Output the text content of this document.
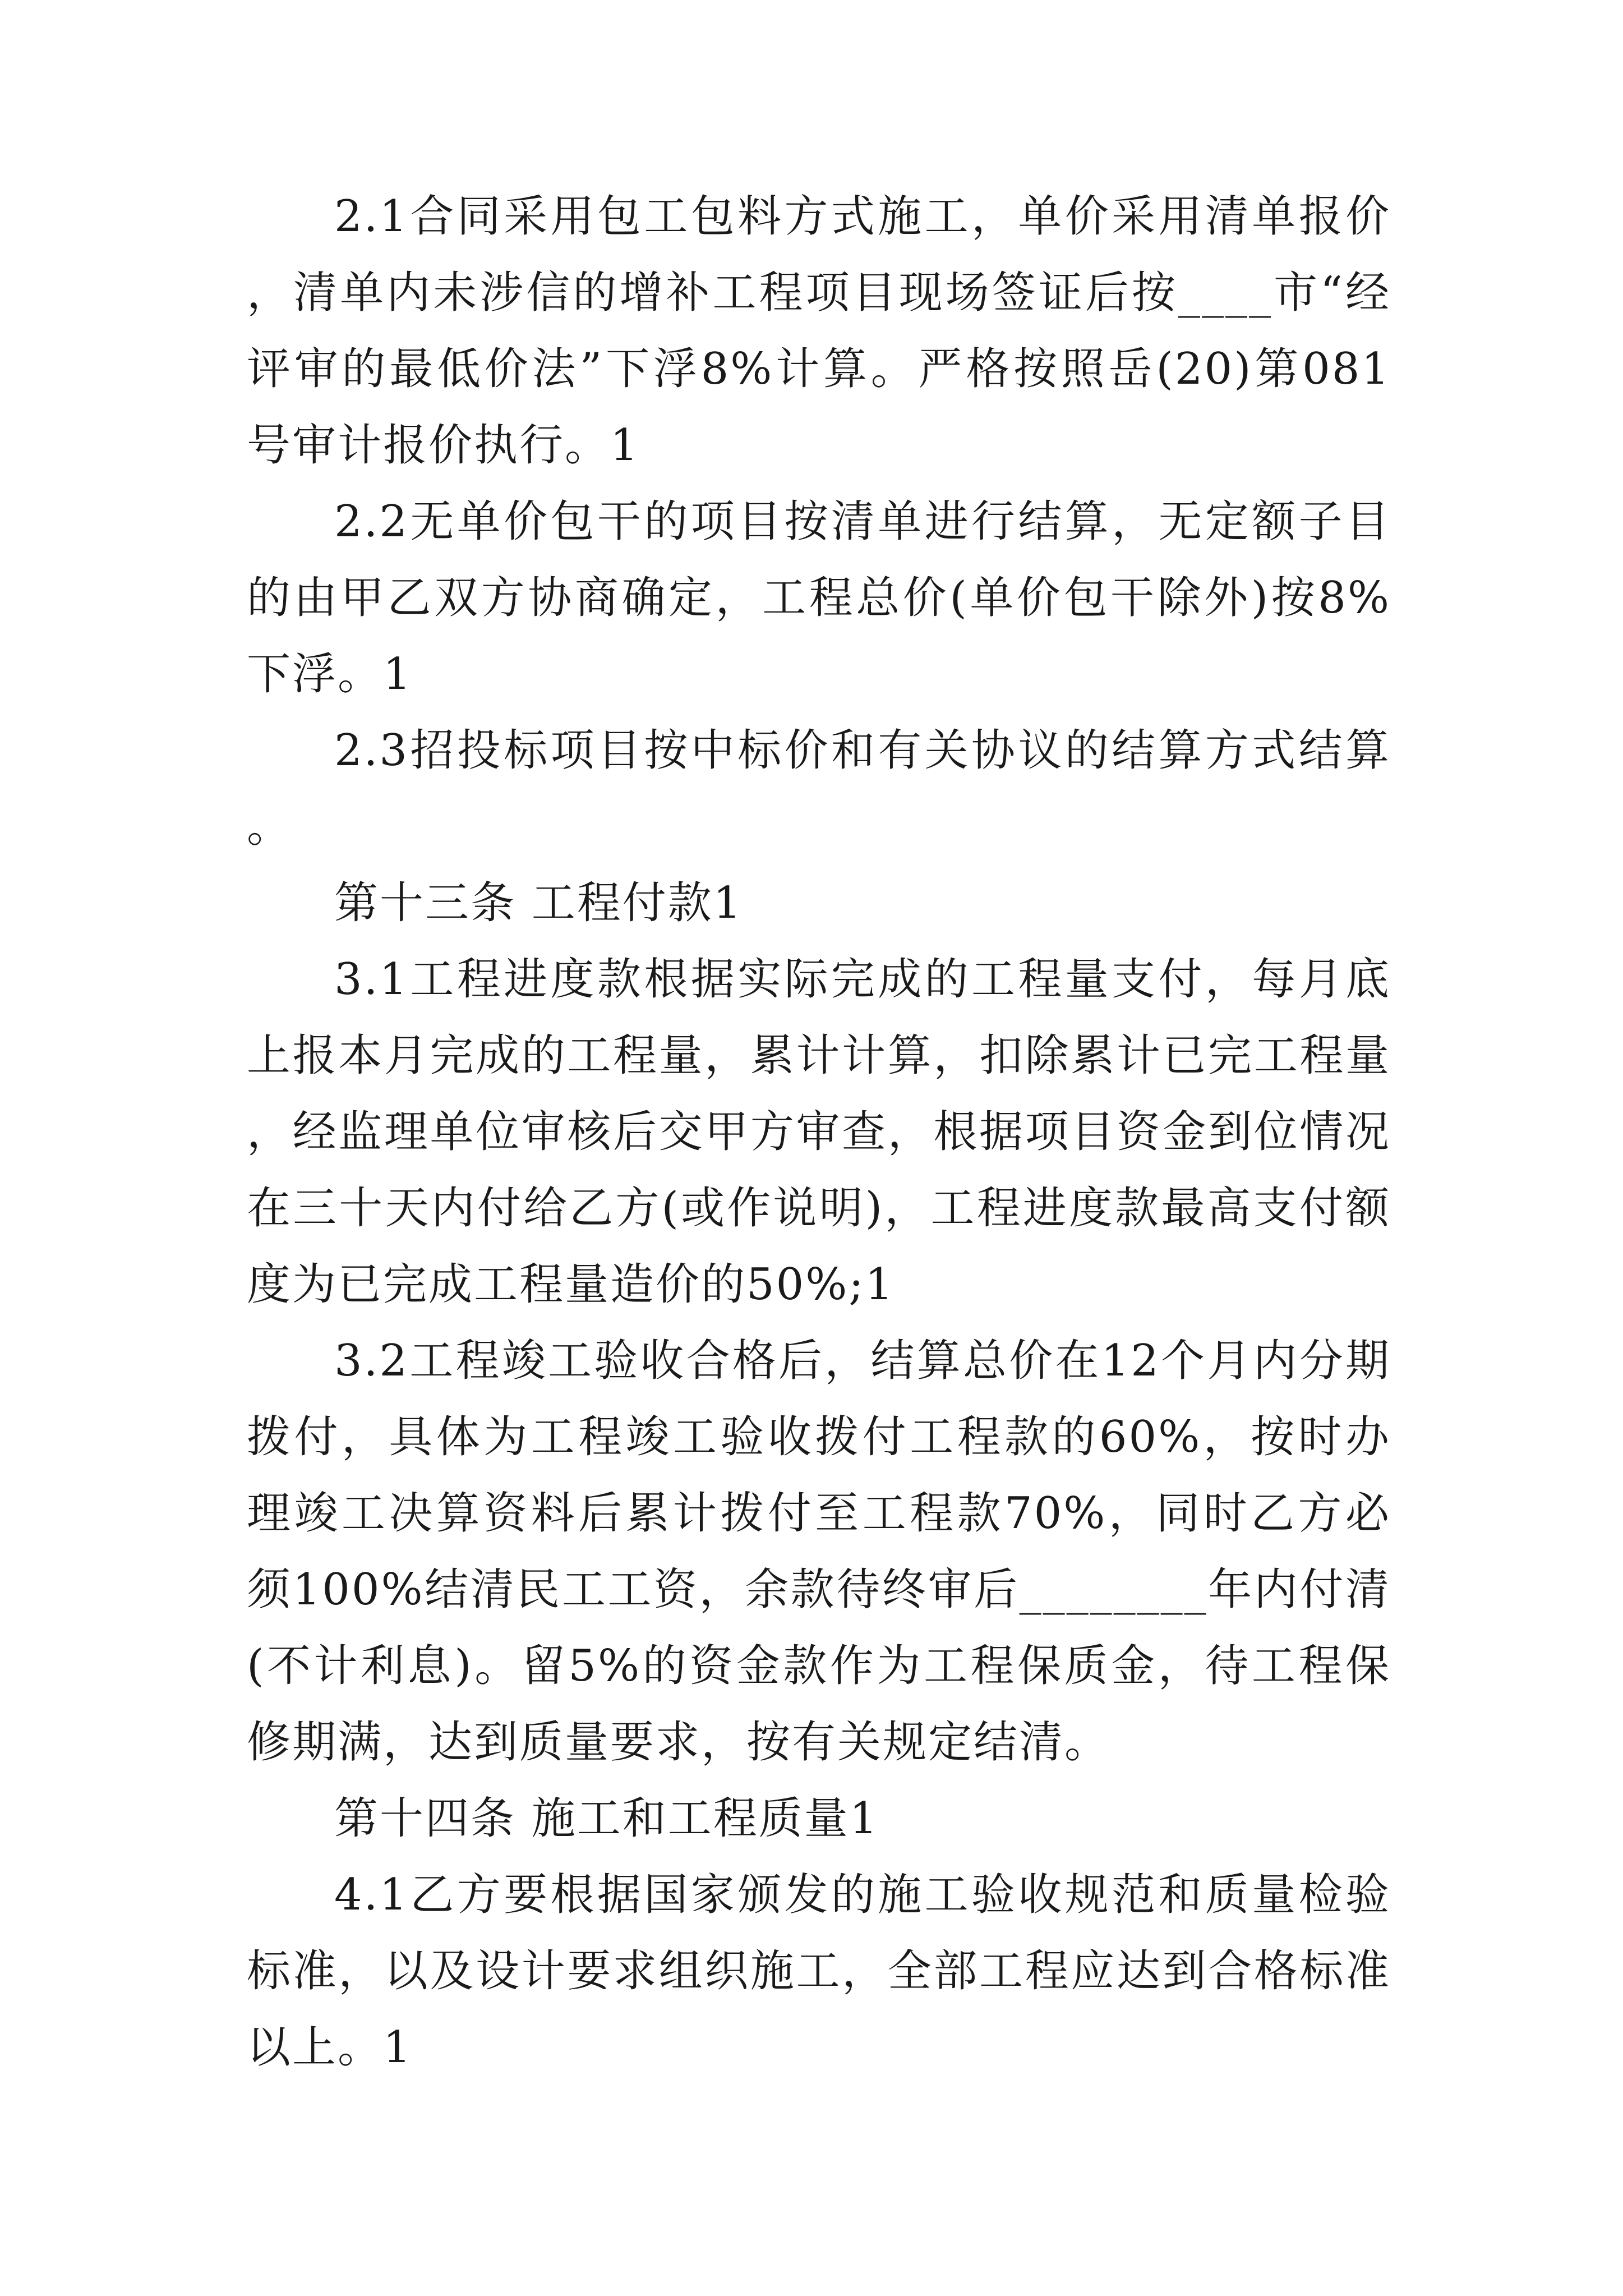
2.1合同采用包工包料方式施工，单价采用清单报价，清单内未涉信的增补工程项目现场签证后按____市“经评审的最低价法”下浮8%计算。严格按照岳(20)第081号审计报价执行。1

2.2无单价包干的项目按清单进行结算，无定额子目的由甲乙双方协商确定，工程总价(单价包干除外)按8%下浮。1

2.3招投标项目按中标价和有关协议的结算方式结算。

第十三条 工程付款1

3.1工程进度款根据实际完成的工程量支付，每月底上报本月完成的工程量，累计计算，扣除累计已完工程量，经监理单位审核后交甲方审查，根据项目资金到位情况在三十天内付给乙方(或作说明)，工程进度款最高支付额度为已完成工程量造价的50%;1

3.2工程竣工验收合格后，结算总价在12个月内分期拨付，具体为工程竣工验收拨付工程款的60%，按时办理竣工决算资料后累计拨付至工程款70%，同时乙方必须100%结清民工工资，余款待终审后________年内付清(不计利息)。留5%的资金款作为工程保质金，待工程保修期满，达到质量要求，按有关规定结清。

第十四条 施工和工程质量1

4.1乙方要根据国家颁发的施工验收规范和质量检验标准，以及设计要求组织施工，全部工程应达到合格标准以上。1
